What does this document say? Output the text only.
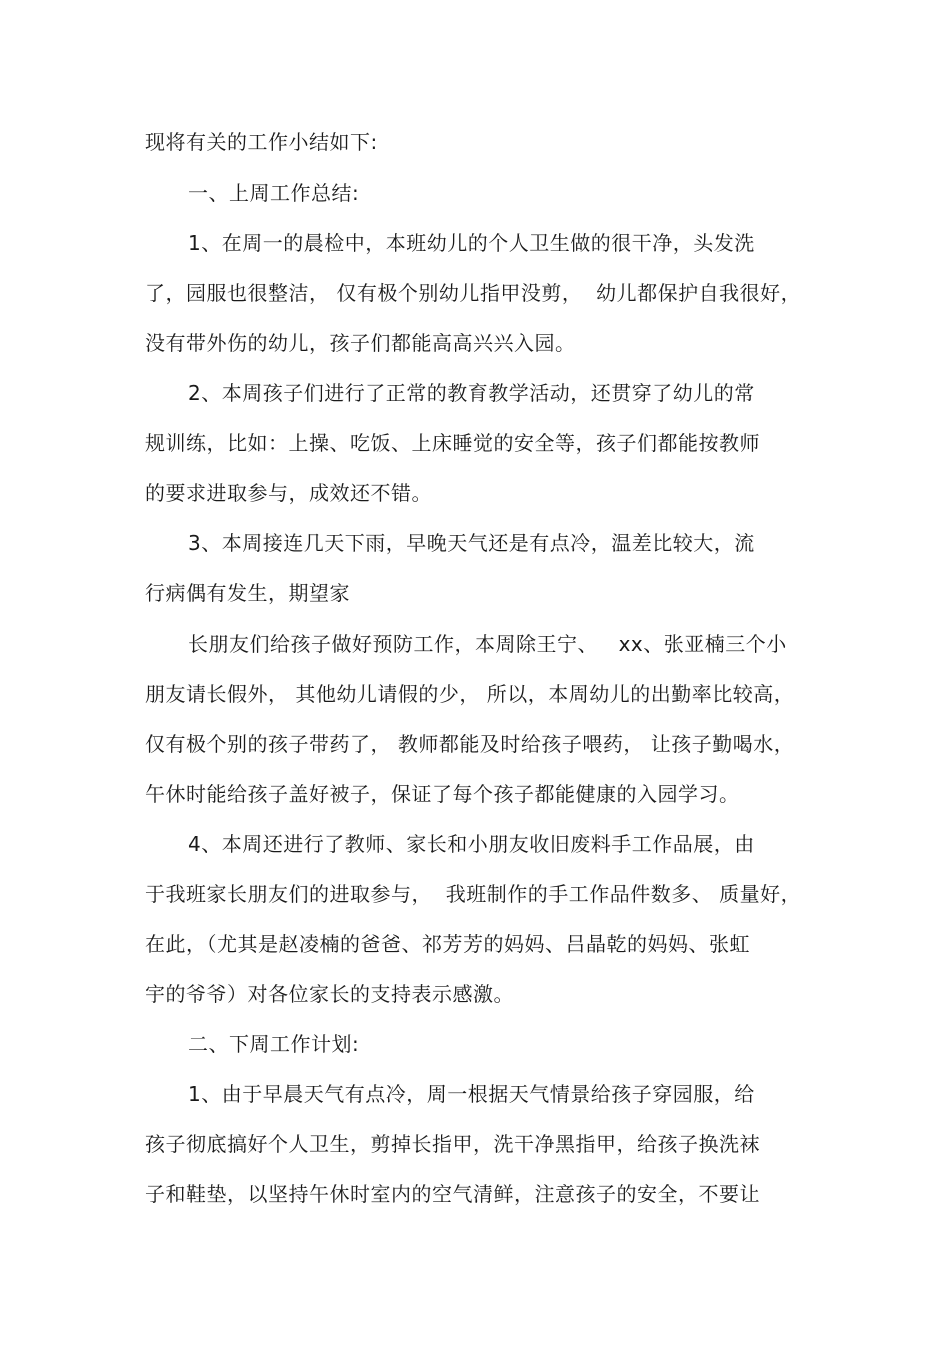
现将有关的工作小结如下:
一、上周工作总结:
1、在周一的晨检中，本班幼儿的个人卫生做的很干净，头发洗
了，园服也很整洁， 仅有极个别幼儿指甲没剪，  幼儿都保护自我很好，
没有带外伤的幼儿，孩子们都能高高兴兴入园。
2、本周孩子们进行了正常的教育教学活动，还贯穿了幼儿的常
规训练，比如：上操、吃饭、上床睡觉的安全等，孩子们都能按教师
的要求进取参与，成效还不错。
3、本周接连几天下雨，早晚天气还是有点冷，温差比较大，流
行病偶有发生，期望家
长朋友们给孩子做好预防工作，本周除王宁、   xx、张亚楠三个小
朋友请长假外， 其他幼儿请假的少， 所以，本周幼儿的出勤率比较高，
仅有极个别的孩子带药了， 教师都能及时给孩子喂药， 让孩子勤喝水，
午休时能给孩子盖好被子，保证了每个孩子都能健康的入园学习。
4、本周还进行了教师、家长和小朋友收旧废料手工作品展，由
于我班家长朋友们的进取参与，  我班制作的手工作品件数多、 质量好，
在此，（尤其是赵凌楠的爸爸、祁芳芳的妈妈、吕晶乾的妈妈、张虹
宇的爷爷）对各位家长的支持表示感激。
二、下周工作计划:
1、由于早晨天气有点冷，周一根据天气情景给孩子穿园服，给
孩子彻底搞好个人卫生，剪掉长指甲，洗干净黑指甲，给孩子换洗袜
子和鞋垫，以坚持午休时室内的空气清鲜，注意孩子的安全，不要让
